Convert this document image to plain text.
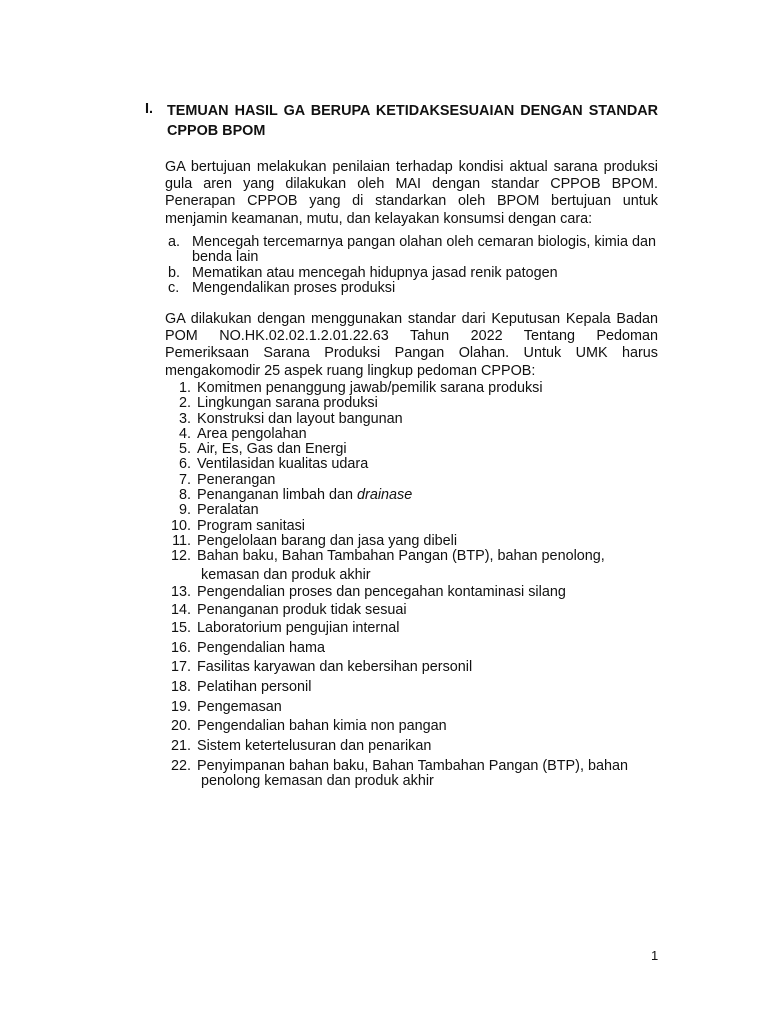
I. TEMUAN HASIL GA BERUPA KETIDAKSESUAIAN DENGAN STANDAR CPPOB BPOM
GA bertujuan melakukan penilaian terhadap kondisi aktual sarana produksi gula aren yang dilakukan oleh MAI dengan standar CPPOB BPOM. Penerapan CPPOB yang di standarkan oleh BPOM bertujuan untuk menjamin keamanan, mutu, dan kelayakan konsumsi dengan cara:
a. Mencegah tercemarnya pangan olahan oleh cemaran biologis, kimia dan benda lain
b. Mematikan atau mencegah hidupnya jasad renik patogen
c. Mengendalikan proses produksi
GA dilakukan dengan menggunakan standar dari Keputusan Kepala Badan POM NO.HK.02.02.1.2.01.22.63 Tahun 2022 Tentang Pedoman Pemeriksaan Sarana Produksi Pangan Olahan. Untuk UMK harus mengakomodir 25 aspek ruang lingkup pedoman CPPOB:
1. Komitmen penanggung jawab/pemilik sarana produksi
2. Lingkungan sarana produksi
3. Konstruksi dan layout bangunan
4. Area pengolahan
5. Air, Es, Gas dan Energi
6. Ventilasidan kualitas udara
7. Penerangan
8. Penanganan limbah dan drainase
9. Peralatan
10. Program sanitasi
11. Pengelolaan barang dan jasa yang dibeli
12. Bahan baku, Bahan Tambahan Pangan (BTP), bahan penolong,
kemasan dan produk akhir
13. Pengendalian proses dan pencegahan kontaminasi silang
14. Penanganan produk tidak sesuai
15. Laboratorium pengujian internal
16. Pengendalian hama
17. Fasilitas karyawan dan kebersihan personil
18. Pelatihan personil
19. Pengemasan
20. Pengendalian bahan kimia non pangan
21. Sistem ketertelusuran dan penarikan
22. Penyimpanan bahan baku, Bahan Tambahan Pangan (BTP), bahan
penolong kemasan dan produk akhir
1
